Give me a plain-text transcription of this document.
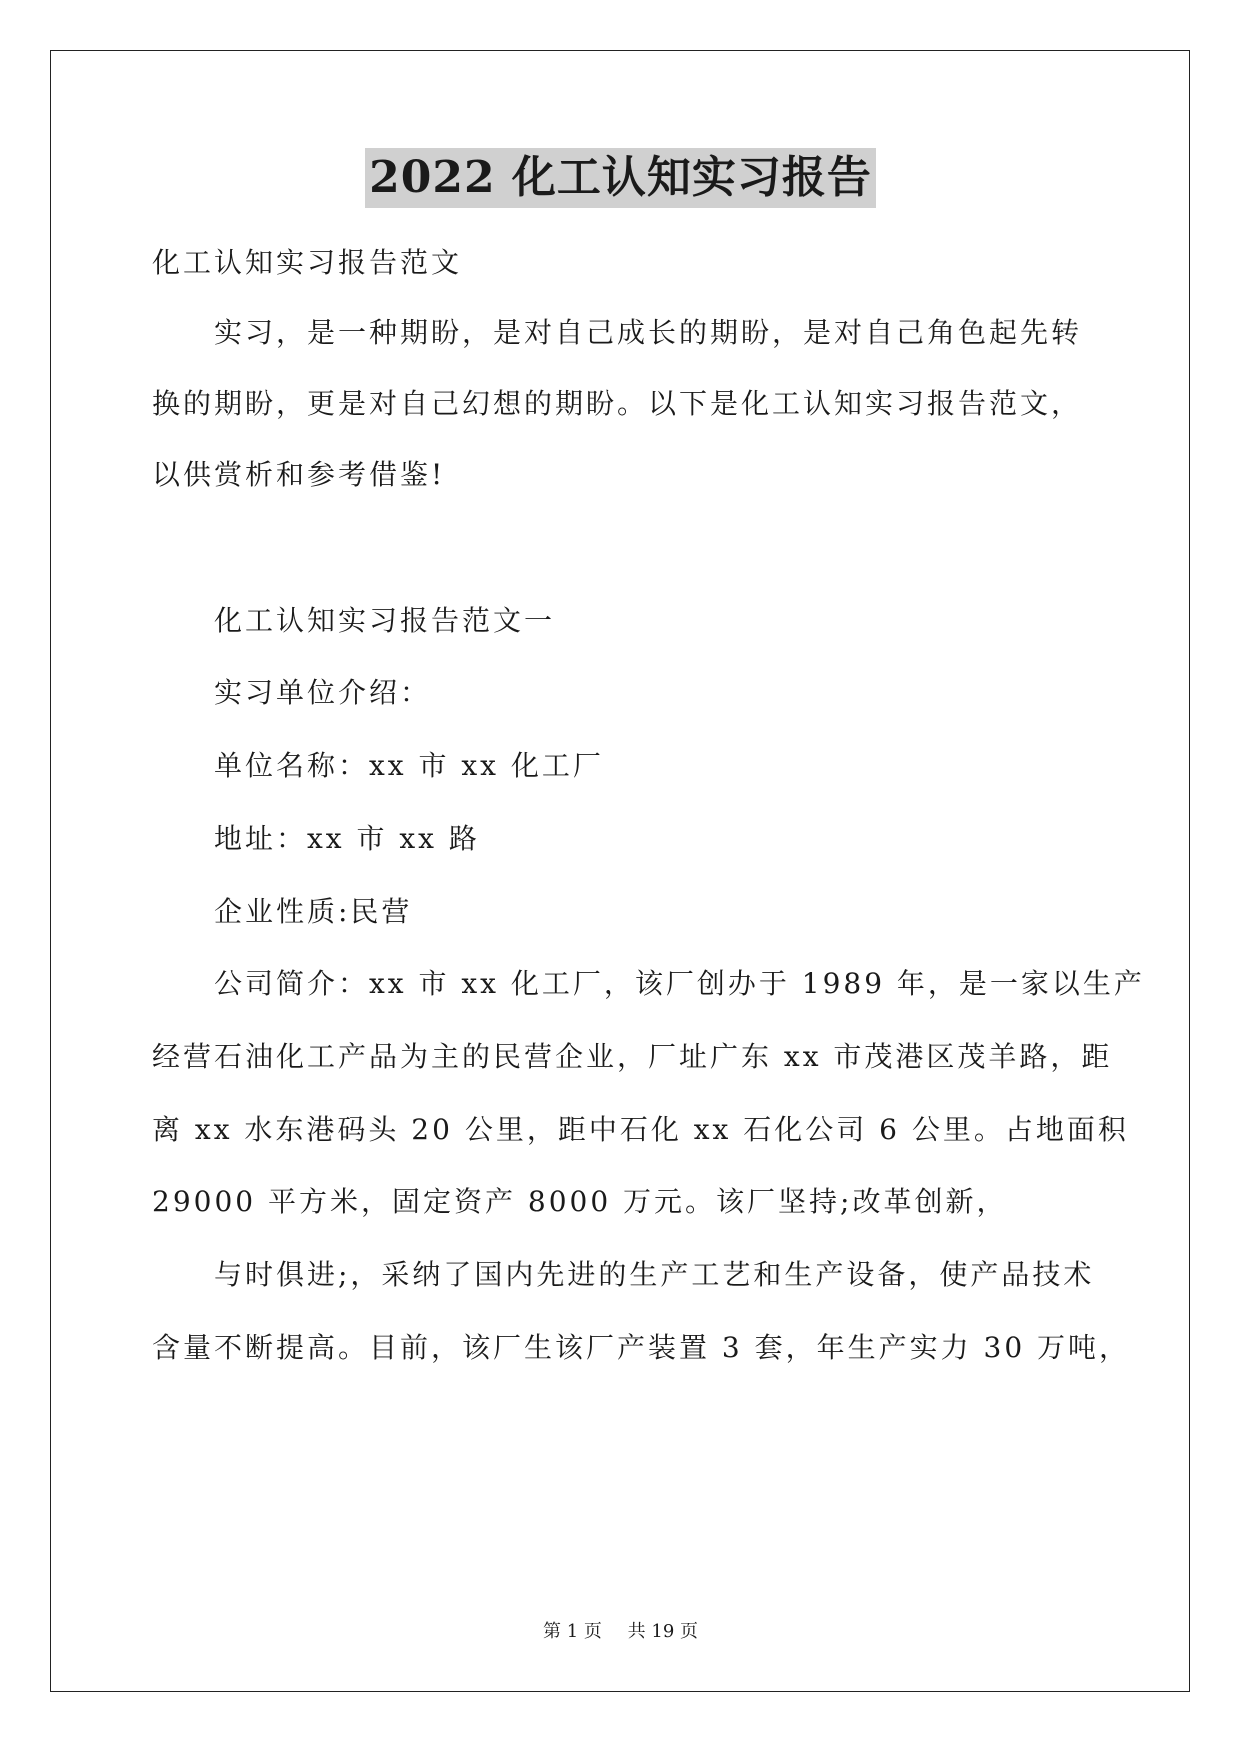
2022 化工认知实习报告
化工认知实习报告范文
实习，是一种期盼，是对自己成长的期盼，是对自己角色起先转
换的期盼，更是对自己幻想的期盼。以下是化工认知实习报告范文，
以供赏析和参考借鉴!
化工认知实习报告范文一
实习单位介绍：
单位名称：xx 市 xx 化工厂
地址：xx 市 xx 路
企业性质:民营
公司简介：xx 市 xx 化工厂，该厂创办于 1989 年，是一家以生产
经营石油化工产品为主的民营企业，厂址广东 xx 市茂港区茂羊路，距
离 xx 水东港码头 20 公里，距中石化 xx 石化公司 6 公里。占地面积
29000 平方米，固定资产 8000 万元。该厂坚持;改革创新，
与时俱进;，采纳了国内先进的生产工艺和生产设备，使产品技术
含量不断提高。目前，该厂生该厂产装置 3 套，年生产实力 30 万吨，
第 1 页 共 19 页
